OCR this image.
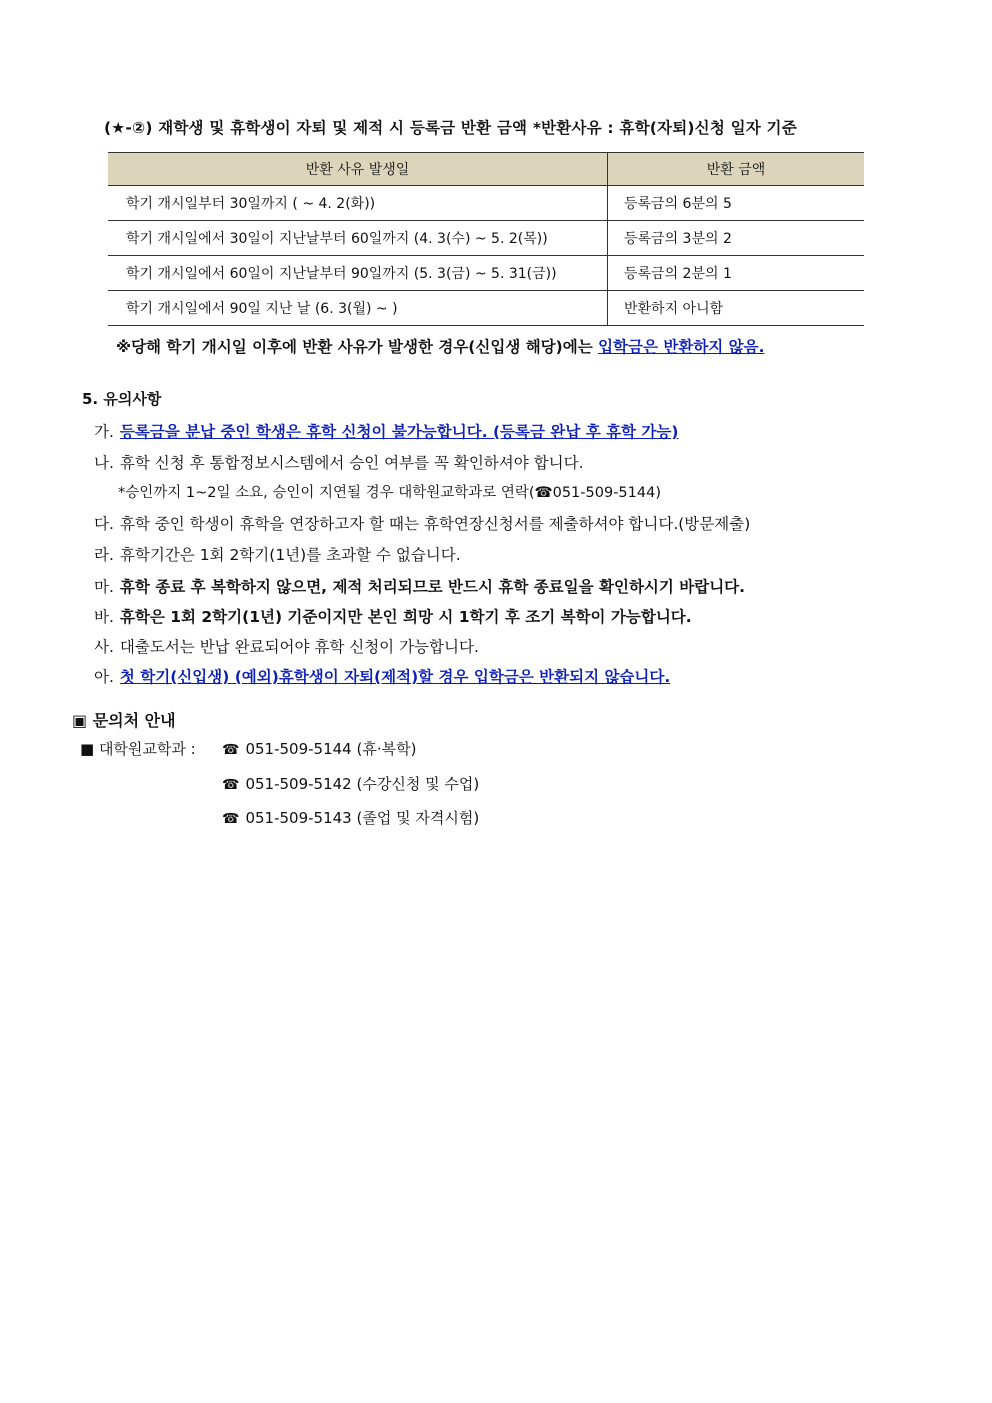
(★-②) 재학생 및 휴학생이 자퇴 및 제적 시 등록금 반환 금액 *반환사유 : 휴학(자퇴)신청 일자 기준
반환 사유 발생일	반환 금액
학기 개시일부터 30일까지 ( ~ 4. 2(화))	등록금의 6분의 5
학기 개시일에서 30일이 지난날부터 60일까지 (4. 3(수) ~ 5. 2(목))	등록금의 3분의 2
학기 개시일에서 60일이 지난날부터 90일까지 (5. 3(금) ~ 5. 31(금))	등록금의 2분의 1
학기 개시일에서 90일 지난 날 (6. 3(월) ~ )	반환하지 아니함
※당해 학기 개시일 이후에 반환 사유가 발생한 경우(신입생 해당)에는 입학금은 반환하지 않음.
5. 유의사항
가. 등록금을 분납 중인 학생은 휴학 신청이 불가능합니다. (등록금 완납 후 휴학 가능)
나. 휴학 신청 후 통합정보시스템에서 승인 여부를 꼭 확인하셔야 합니다.
*승인까지 1~2일 소요, 승인이 지연될 경우 대학원교학과로 연락(☎051-509-5144)
다. 휴학 중인 학생이 휴학을 연장하고자 할 때는 휴학연장신청서를 제출하셔야 합니다.(방문제출)
라. 휴학기간은 1회 2학기(1년)를 초과할 수 없습니다.
마. 휴학 종료 후 복학하지 않으면, 제적 처리되므로 반드시 휴학 종료일을 확인하시기 바랍니다.
바. 휴학은 1회 2학기(1년) 기준이지만 본인 희망 시 1학기 후 조기 복학이 가능합니다.
사. 대출도서는 반납 완료되어야 휴학 신청이 가능합니다.
아. 첫 학기(신입생) (예외)휴학생이 자퇴(제적)할 경우 입학금은 반환되지 않습니다.
▣ 문의처 안내
■ 대학원교학과 : ☎ 051-509-5144 (휴·복학)
☎ 051-509-5142 (수강신청 및 수업)
☎ 051-509-5143 (졸업 및 자격시험)
